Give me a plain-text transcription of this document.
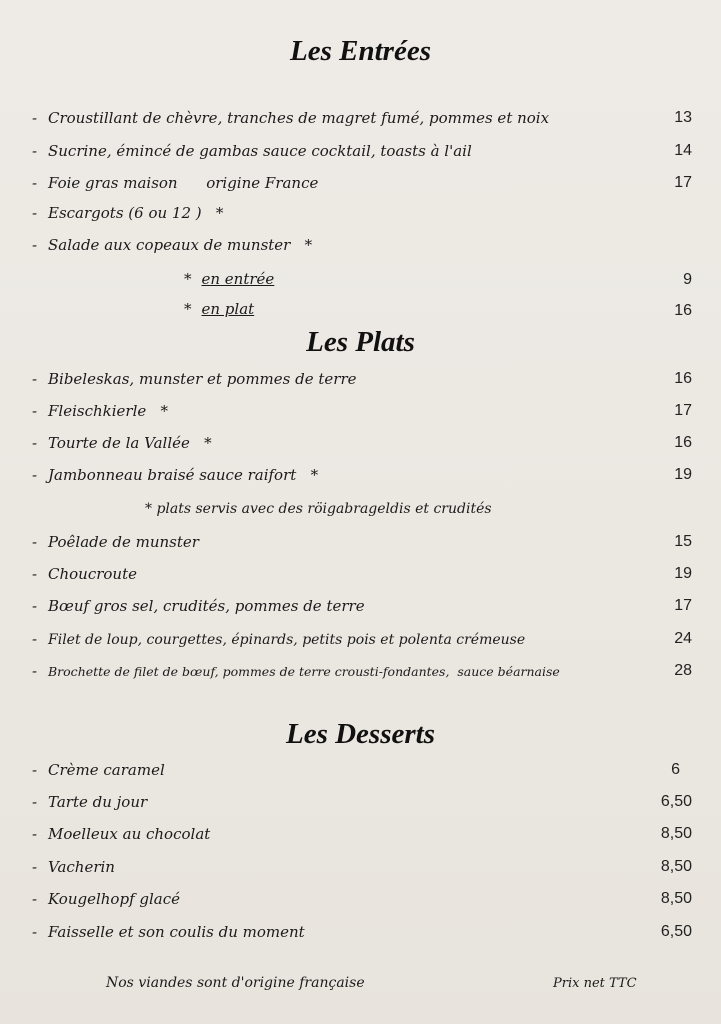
Les Entrées
- Croustillant de chèvre, tranches de magret fumé, pommes et noix	13
- Sucrine, émincé de gambas sauce cocktail, toasts à l'ail	14
- Foie gras maison      origine France	17
- Escargots (6 ou 12 )   *
- Salade aux copeaux de munster   *
* en entrée	9
* en plat	16
Les Plats
- Bibeleskas, munster et pommes de terre	16
- Fleischkierle   *	17
- Tourte de la Vallée   *	16
- Jambonneau braisé sauce raifort   *	19
* plats servis avec des röigabrageldis et crudités
- Poêlade de munster	15
- Choucroute	19
- Bœuf gros sel, crudités, pommes de terre	17
- Filet de loup, courgettes, épinards, petits pois et polenta crémeuse	24
- Brochette de filet de bœuf, pommes de terre crousti-fondantes,  sauce béarnaise	28
Les Desserts
- Crème caramel	6
- Tarte du jour	6,50
- Moelleux au chocolat	8,50
- Vacherin	8,50
- Kougelhopf glacé	8,50
- Faisselle et son coulis du moment	6,50
Nos viandes sont d'origine française	Prix net TTC
